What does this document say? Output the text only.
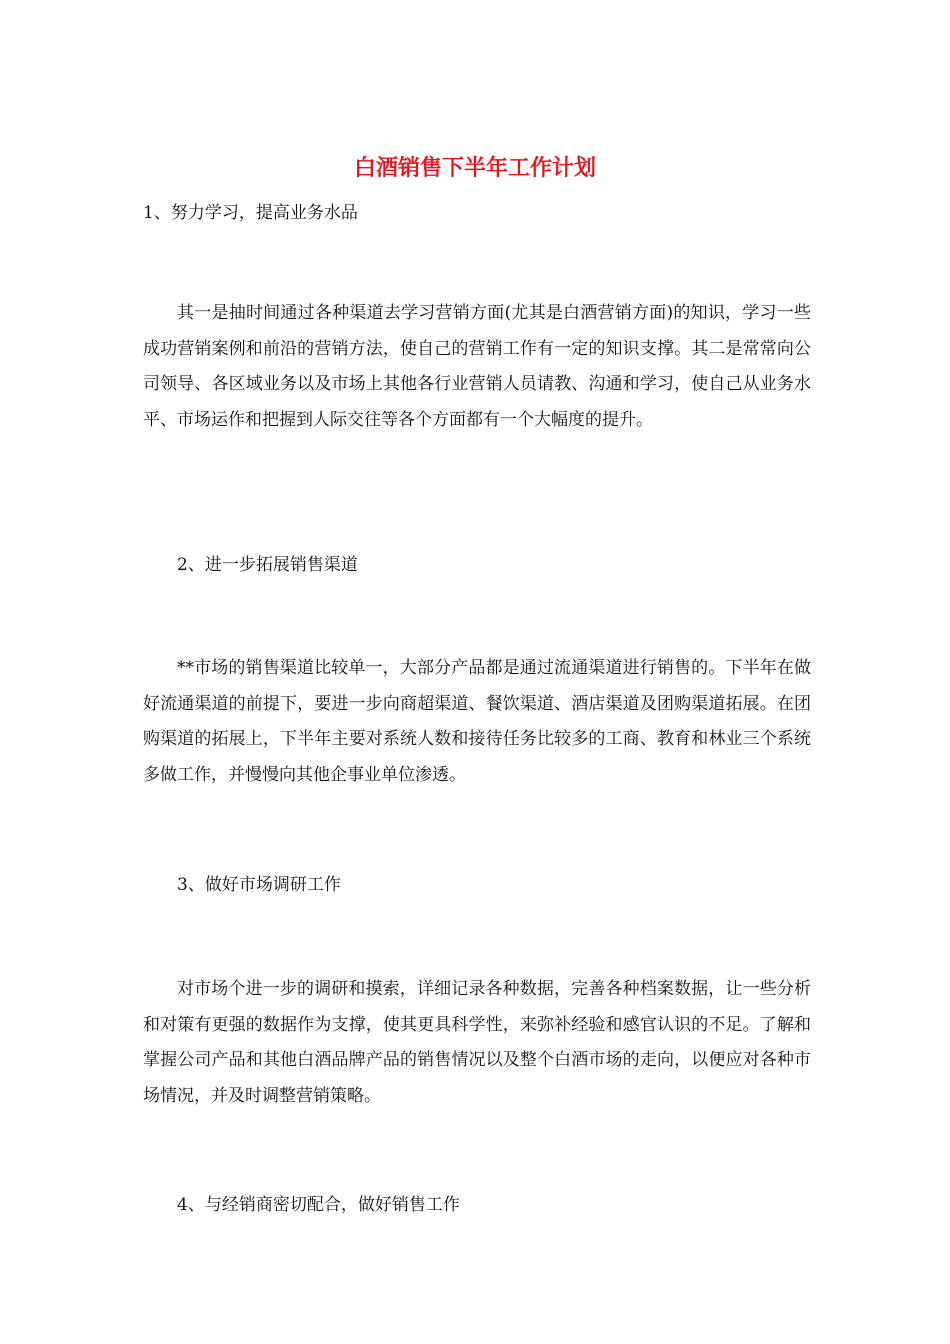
白酒销售下半年工作计划

1、努力学习，提高业务水品

其一是抽时间通过各种渠道去学习营销方面(尤其是白酒营销方面)的知识，学习一些成功营销案例和前沿的营销方法，使自己的营销工作有一定的知识支撑。其二是常常向公司领导、各区域业务以及市场上其他各行业营销人员请教、沟通和学习，使自己从业务水平、市场运作和把握到人际交往等各个方面都有一个大幅度的提升。

2、进一步拓展销售渠道

**市场的销售渠道比较单一，大部分产品都是通过流通渠道进行销售的。下半年在做好流通渠道的前提下，要进一步向商超渠道、餐饮渠道、酒店渠道及团购渠道拓展。在团购渠道的拓展上，下半年主要对系统人数和接待任务比较多的工商、教育和林业三个系统多做工作，并慢慢向其他企事业单位渗透。

3、做好市场调研工作

对市场个进一步的调研和摸索，详细记录各种数据，完善各种档案数据，让一些分析和对策有更强的数据作为支撑，使其更具科学性，来弥补经验和感官认识的不足。了解和掌握公司产品和其他白酒品牌产品的销售情况以及整个白酒市场的走向，以便应对各种市场情况，并及时调整营销策略。

4、与经销商密切配合，做好销售工作
